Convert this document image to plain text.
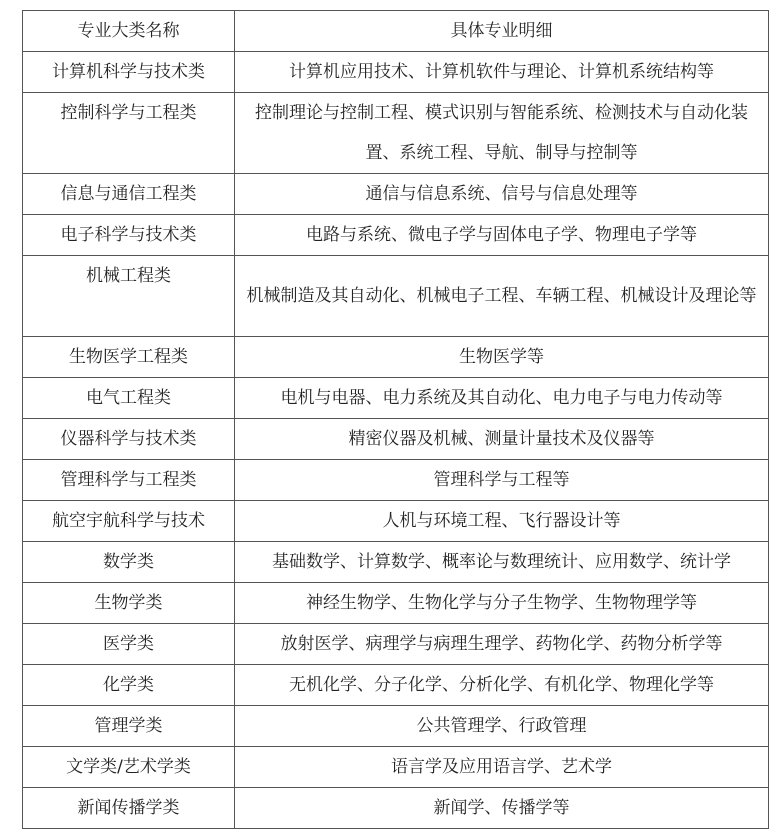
专业大类名称	具体专业明细
计算机科学与技术类	计算机应用技术、计算机软件与理论、计算机系统结构等
控制科学与工程类	控制理论与控制工程、模式识别与智能系统、检测技术与自动化装置、系统工程、导航、制导与控制等
信息与通信工程类	通信与信息系统、信号与信息处理等
电子科学与技术类	电路与系统、微电子学与固体电子学、物理电子学等
机械工程类	机械制造及其自动化、机械电子工程、车辆工程、机械设计及理论等
生物医学工程类	生物医学等
电气工程类	电机与电器、电力系统及其自动化、电力电子与电力传动等
仪器科学与技术类	精密仪器及机械、测量计量技术及仪器等
管理科学与工程类	管理科学与工程等
航空宇航科学与技术	人机与环境工程、飞行器设计等
数学类	基础数学、计算数学、概率论与数理统计、应用数学、统计学
生物学类	神经生物学、生物化学与分子生物学、生物物理学等
医学类	放射医学、病理学与病理生理学、药物化学、药物分析学等
化学类	无机化学、分子化学、分析化学、有机化学、物理化学等
管理学类	公共管理学、行政管理
文学类/艺术学类	语言学及应用语言学、艺术学
新闻传播学类	新闻学、传播学等
